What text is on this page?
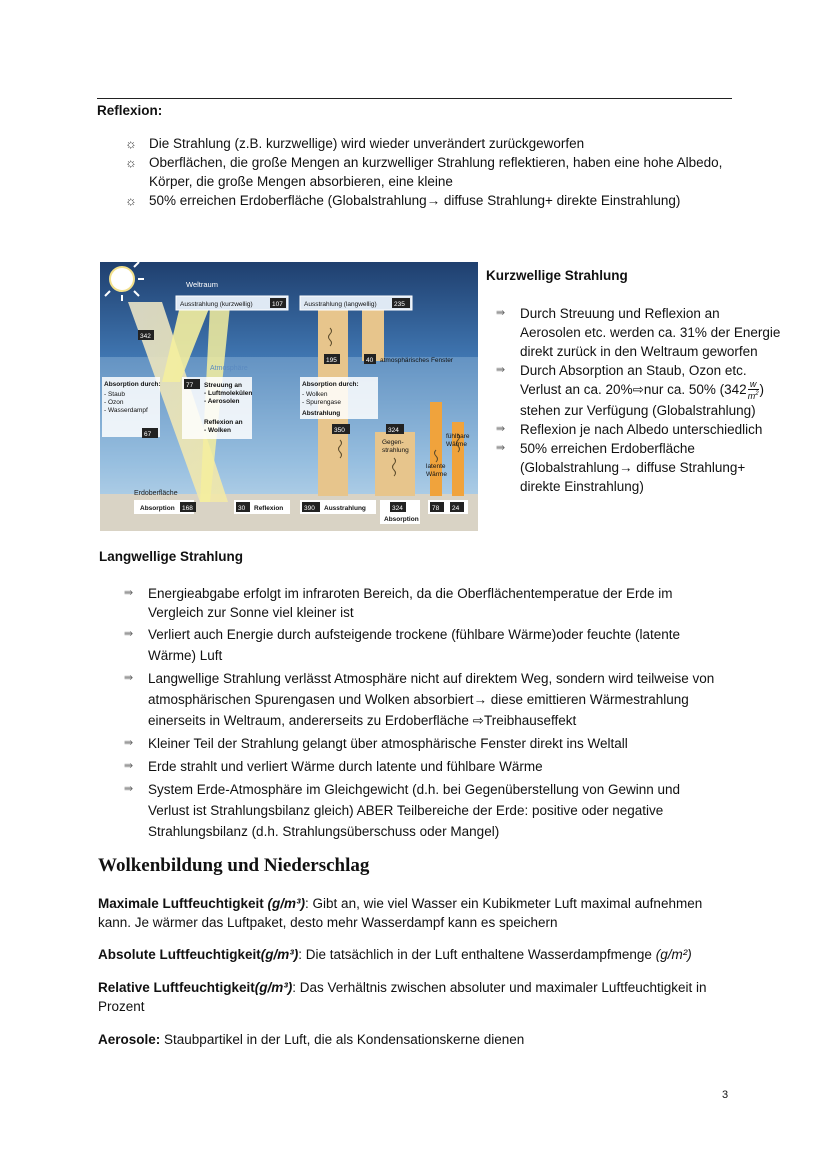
Reflexion:
☼ Die Strahlung (z.B. kurzwellige) wird wieder unverändert zurückgeworfen
☼ Oberflächen, die große Mengen an kurzwelliger Strahlung reflektieren, haben eine hohe Albedo, Körper, die große Mengen absorbieren, eine kleine
☼ 50% erreichen Erdoberfläche (Globalstrahlung→ diffuse Strahlung+ direkte Einstrahlung)
Weltraum
Atmosphäre
Erdoberfläche
Ausstrahlung (kurzwellig)	107	Ausstrahlung (langwellig)	235
342
195	40 atmosphärisches Fenster
Absorption durch:
- Staub - Ozon - Wasserdampf
67
77 Streuung an - Luftmolekülen - Aerosolen
Reflexion an - Wolken
Absorption durch:
- Wolken - Spurengase
Abstrahlung
350	324
Gegen-strahlung
fühlbare Wärme
latente Wärme
Absorption 168	30 Reflexion	390 Ausstrahlung	324
Absorption
78 24
Kurzwellige Strahlung
⇛ Durch Streuung und Reflexion an Aerosolen etc. werden ca. 31% der Energie direkt zurück in den Weltraum geworfen
⇛ Durch Absorption an Staub, Ozon etc. Verlust an ca. 20%⇨nur ca. 50% ($342 \frac{w}{m^2}$ )
stehen zur Verfügung (Globalstrahlung)
⇛ Reflexion je nach Albedo unterschiedlich
⇛ 50% erreichen Erdoberfläche (Globalstrahlung→ diffuse Strahlung+ direkte Einstrahlung)
Langwellige Strahlung
⇛ Energieabgabe erfolgt im infraroten Bereich, da die Oberflächentemperatue der Erde im Vergleich zur Sonne viel kleiner ist
⇛ Verliert auch Energie durch aufsteigende trockene (fühlbare Wärme)oder feuchte (latente Wärme) Luft
⇛ Langwellige Strahlung verlässt Atmosphäre nicht auf direktem Weg, sondern wird teilweise von atmosphärischen Spurengasen und Wolken absorbiert→ diese emittieren Wärmestrahlung einerseits in Weltraum, andererseits zu Erdoberfläche ⇨Treibhauseffekt
⇛ Kleiner Teil der Strahlung gelangt über atmosphärische Fenster direkt ins Weltall
⇛ Erde strahlt und verliert Wärme durch latente und fühlbare Wärme
⇛ System Erde-Atmosphäre im Gleichgewicht (d.h. bei Gegenüberstellung von Gewinn und Verlust ist Strahlungsbilanz gleich) ABER Teilbereiche der Erde: positive oder negative Strahlungsbilanz (d.h. Strahlungsüberschuss oder Mangel)
Wolkenbildung und Niederschlag
Maximale Luftfeuchtigkeit (g/m³): Gibt an, wie viel Wasser ein Kubikmeter Luft maximal aufnehmen kann. Je wärmer das Luftpaket, desto mehr Wasserdampf kann es speichern
Absolute Luftfeuchtigkeit(g/m³): Die tatsächlich in der Luft enthaltene Wasserdampfmenge (g/m²)
Relative Luftfeuchtigkeit(g/m³): Das Verhältnis zwischen absoluter und maximaler Luftfeuchtigkeit in Prozent
Aerosole: Staubpartikel in der Luft, die als Kondensationskerne dienen
3
